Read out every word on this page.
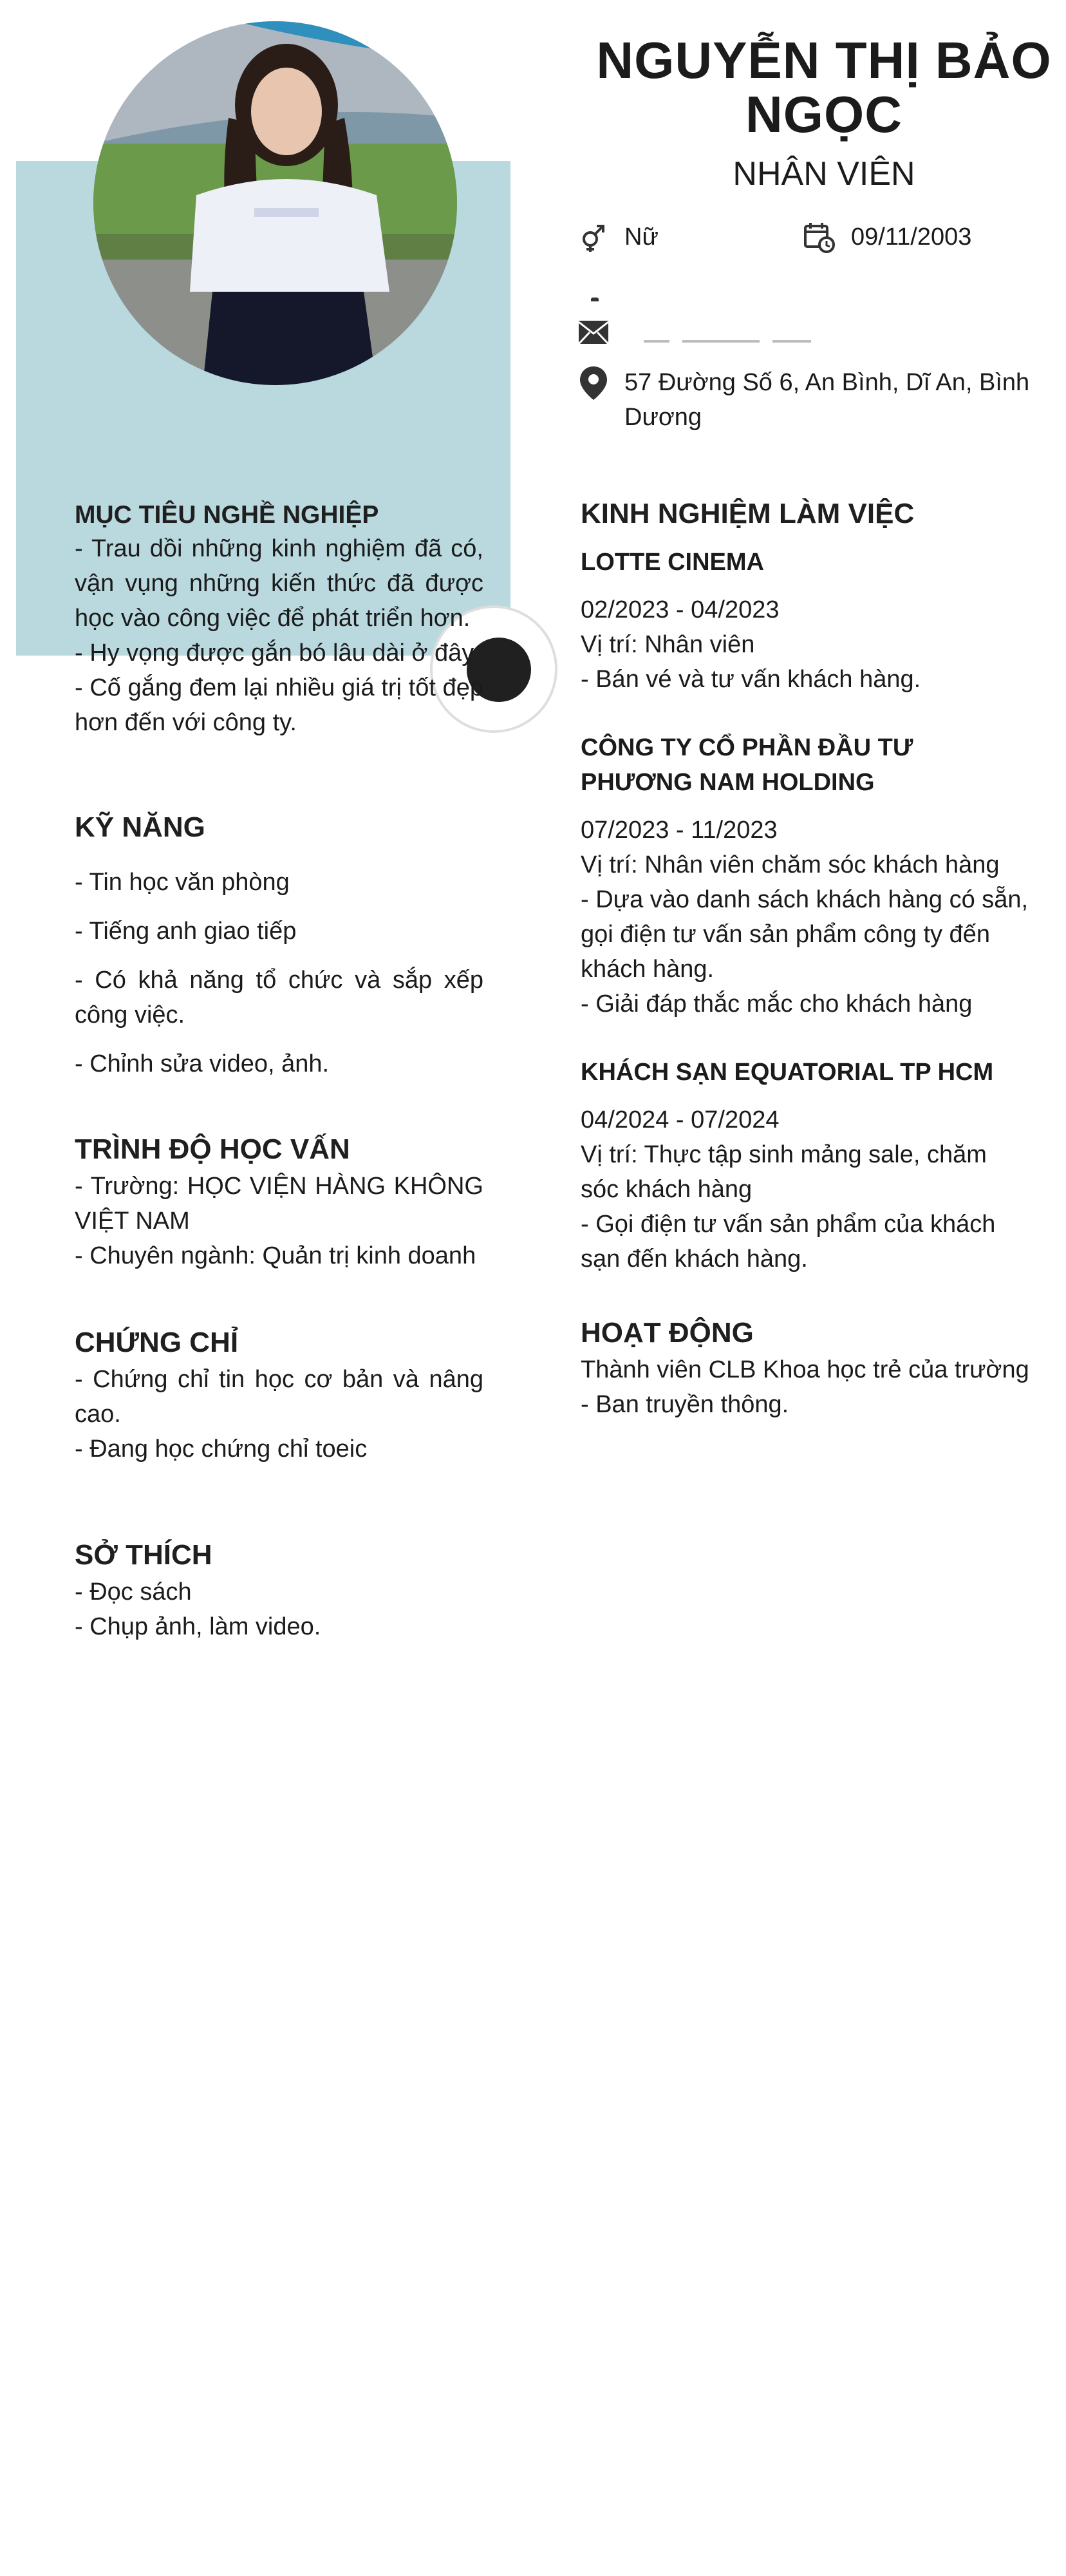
NGUYỄN THỊ BẢO NGỌC
NHÂN VIÊN
Nữ	09/11/2003
57 Đường Số 6, An Bình, Dĩ An, Bình Dương
MỤC TIÊU NGHỀ NGHIỆP
- Trau dồi những kinh nghiệm đã có, vận vụng những kiến thức đã được học vào công việc để phát triển hơn.
- Hy vọng được gắn bó lâu dài ở đây
- Cố gắng đem lại nhiều giá trị tốt đẹp hơn đến với công ty.
KỸ NĂNG
- Tin học văn phòng
- Tiếng anh giao tiếp
- Có khả năng tổ chức và sắp xếp công việc.
- Chỉnh sửa video, ảnh.
TRÌNH ĐỘ HỌC VẤN
- Trường: HỌC VIỆN HÀNG KHÔNG VIỆT NAM
- Chuyên ngành: Quản trị kinh doanh
CHỨNG CHỈ
- Chứng chỉ tin học cơ bản và nâng cao.
- Đang học chứng chỉ toeic
SỞ THÍCH
- Đọc sách
- Chụp ảnh, làm video.
KINH NGHIỆM LÀM VIỆC
LOTTE CINEMA
02/2023 - 04/2023
Vị trí: Nhân viên
- Bán vé và tư vấn khách hàng.
CÔNG TY CỔ PHẦN ĐẦU TƯ PHƯƠNG NAM HOLDING
07/2023 - 11/2023
Vị trí: Nhân viên chăm sóc khách hàng
- Dựa vào danh sách khách hàng có sẵn, gọi điện tư vấn sản phẩm công ty đến khách hàng.
- Giải đáp thắc mắc cho khách hàng
KHÁCH SẠN EQUATORIAL TP HCM
04/2024 - 07/2024
Vị trí: Thực tập sinh mảng sale, chăm sóc khách hàng
- Gọi điện tư vấn sản phẩm của khách sạn đến khách hàng.
HOẠT ĐỘNG
Thành viên CLB Khoa học trẻ của trường - Ban truyền thông.
